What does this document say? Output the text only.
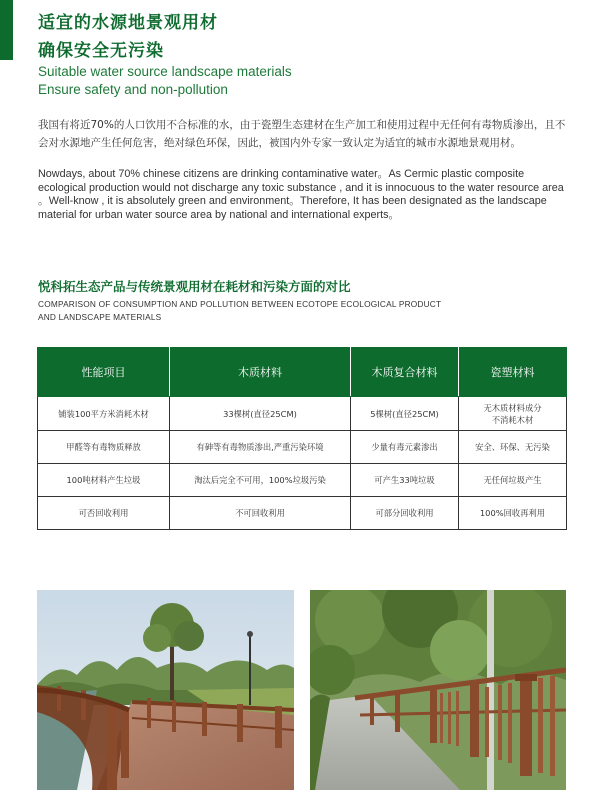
适宜的水源地景观用材
确保安全无污染
Suitable water source landscape materials
Ensure safety and non-pollution

我国有将近70%的人口饮用不合标准的水，由于瓷塑生态建材在生产加工和使用过程中无任何有毒物质渗出，且不会对水源地产生任何危害，绝对绿色环保，因此，被国内外专家一致认定为适宜的城市水源地景观用材。

Nowdays, about 70% chinese citizens are drinking contaminative water。As Cermic plastic composite ecological production would not discharge any toxic substance , and it is innocuous to the water resource area 。Well-know , it is absolutely green and environment。Therefore, It has been designated as the landscape material for urban water source area by national and international experts。

悦科拓生态产品与传统景观用材在耗材和污染方面的对比
COMPARISON OF CONSUMPTION AND POLLUTION BETWEEN ECOTOPE ECOLOGICAL PRODUCT AND LANDSCAPE MATERIALS
性能项目	木质材料	木质复合材料	瓷塑材料
铺装100平方米消耗木材	33棵树(直径25CM)	5棵树(直径25CM)	无木质材料成分
不消耗木材
甲醛等有毒物质释放	有砷等有毒物质渗出,严重污染环境	少量有毒元素渗出	安全、环保、无污染
100吨材料产生垃圾	淘汰后完全不可用，100%垃圾污染	可产生33吨垃圾	无任何垃圾产生
可否回收利用	不可回收利用	可部分回收利用	100%回收再利用
